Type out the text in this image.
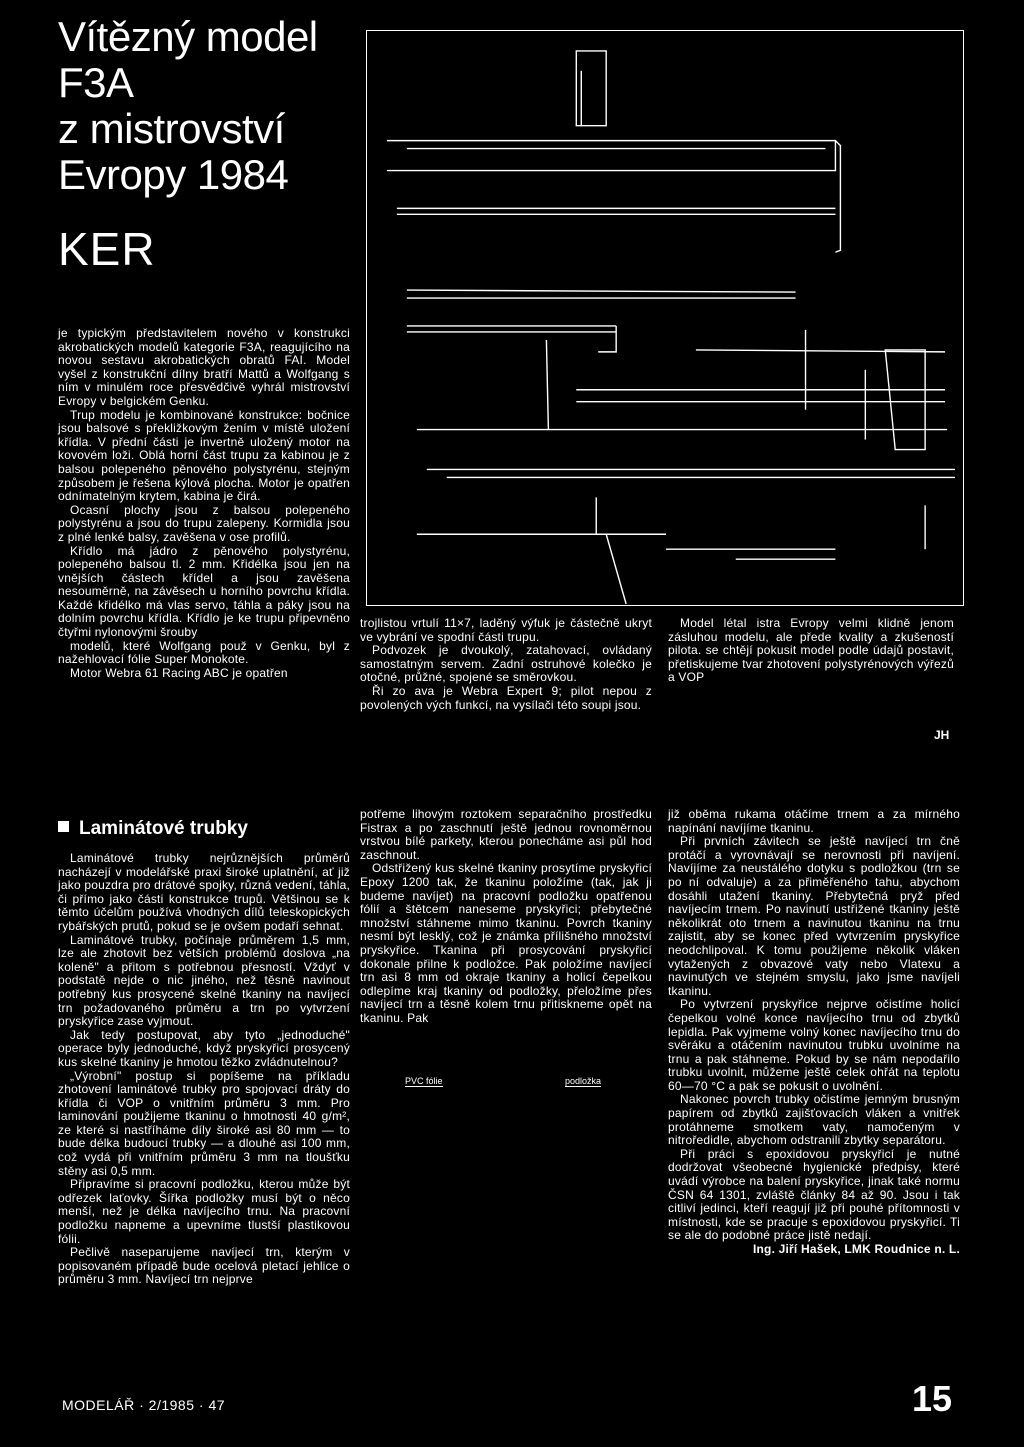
Vítězný model
F3A
z mistrovství
Evropy 1984
KER

je typickým představitelem nového v konstrukci akrobatických modelů kategorie F3A, reagujícího na novou sestavu akrobatických obratů FAI. Model vyšel z konstrukční dílny bratří Mattů a Wolfgang s ním v minulém roce přesvědčivě vyhrál mistrovství Evropy v belgickém Genku.

Trup modelu je kombinované konstrukce: bočnice jsou balsové s překližkovým žením v místě uložení křídla. V přední části je invertně uložený motor na kovovém loži. Oblá horní část trupu za kabinou je z balsou polepeného pěnového polystyrénu, stejným způsobem je řešena kýlová plocha. Motor je opatřen odnímatelným krytem, kabina je čirá.

Ocasní plochy jsou z balsou polepeného polystyrénu a jsou do trupu zalepeny. Kormidla jsou z plné lenké balsy, zavěšena v ose profilů.

Křídlo má jádro z pěnového polystyrénu, polepeného balsou tl. 2 mm. Křidélka jsou jen na vnějších částech křídel a jsou zavěšena nesouměrně, na závěsech u horního povrchu křídla. Každé křidélko má vlas servo, táhla a páky jsou na dolním povrchu křídla. Křídlo je ke trupu připevněno čtyřmi nylonovými šrouby

modelů, které Wolfgang použ v Genku, byl z nažehlovací fólie Super Monokote.

Motor Webra 61 Racing ABC je opatřen

trojlistou vrtulí 11×7, laděný výfuk je částečně ukryt ve vybrání ve spodní části trupu.

Podvozek je dvoukolý, zatahovací, ovládaný samostatným servem. Zadní ostruhové kolečko je otočné, průžné, spojené se směrovkou.

Ři zo ava je Webra Expert 9; pilot nepou z povolených vých funkcí, na vysílači této soupi jsou.

Model létal istra Evropy velmi klidně jenom zásluhou modelu, ale přede kvality a zkušeností pilota. se chtějí pokusit model podle údajů postavit, přetiskujeme tvar zhotovení polystyrénových výřezů a VOP

JH
Laminátové trubky

Laminátové trubky nejrůznějších průměrů nacházejí v modelářské praxi široké uplatnění, ať již jako pouzdra pro drátové spojky, různá vedení, táhla, či přímo jako části konstrukce trupů. Většinou se k těmto účelům používá vhodných dílů teleskopických rybářských prutů, pokud se je ovšem podaří sehnat.

Laminátové trubky, počínaje průměrem 1,5 mm, lze ale zhotovit bez větších problémů doslova „na koleně" a přitom s potřebnou přesností. Vždyť v podstatě nejde o nic jiného, než těsně navinout potřebný kus prosycené skelné tkaniny na navíjecí trn požadovaného průměru a trn po vytvrzení pryskyřice zase vyjmout.

Jak tedy postupovat, aby tyto „jednoduché" operace byly jednoduché, když pryskyřicí prosycený kus skelné tkaniny je hmotou těžko zvládnutelnou?

„Výrobní" postup si popíšeme na příkladu zhotovení laminátové trubky pro spojovací dráty do křídla či VOP o vnitřním průměru 3 mm. Pro laminování použijeme tkaninu o hmotnosti 40 g/m², ze které si nastříháme díly široké asi 80 mm — to bude délka budoucí trubky — a dlouhé asi 100 mm, což vydá při vnitřním průměru 3 mm na tloušťku stěny asi 0,5 mm.

Připravíme si pracovní podložku, kterou může být odřezek laťovky. Šířka podložky musí být o něco menší, než je délka navíjecího trnu. Na pracovní podložku napneme a upevníme tlustší plastikovou fólii.

Pečlivě naseparujeme navíjecí trn, kterým v popisovaném případě bude ocelová pletací jehlice o průměru 3 mm. Navíjecí trn nejprve

potřeme lihovým roztokem separačního prostředku Fistrax a po zaschnutí ještě jednou rovnoměrnou vrstvou bílé parkety, kterou ponecháme asi půl hod zaschnout.

Odstřižený kus skelné tkaniny prosytíme pryskyřicí Epoxy 1200 tak, že tkaninu položíme (tak, jak ji budeme navíjet) na pracovní podložku opatřenou fólií a štětcem naneseme pryskyřici; přebytečné množství stáhneme mimo tkaninu. Povrch tkaniny nesmí být lesklý, což je známka přílišného množství pryskyřice. Tkanina při prosycování pryskyřicí dokonale přilne k podložce. Pak položíme navíjecí trn asi 8 mm od okraje tkaniny a holicí čepelkou odlepíme kraj tkaniny od podložky, přeložíme přes navíjecí trn a těsně kolem trnu přitiskneme opět na tkaninu. Pak

PVC fólie	podložka

již oběma rukama otáčíme trnem a za mírného napínání navíjíme tkaninu.

Při prvních závitech se ještě navíjecí trn čně protáčí a vyrovnávají se nerovnosti při navíjení. Navíjíme za neustálého dotyku s podložkou (trn se po ní odvaluje) a za přiměřeného tahu, abychom dosáhli utažení tkaniny. Přebytečná pryž před navíjecím trnem. Po navinutí ustřižené tkaniny ještě několikrát oto trnem a navinutou tkaninu na trnu zajistit, aby se konec před vytvrzením pryskyřice neodchlipoval. K tomu použijeme několik vláken vytažených z obvazové vaty nebo Vlatexu a navinutých ve stejném smyslu, jako jsme navíjeli tkaninu.

Po vytvrzení pryskyřice nejprve očistíme holicí čepelkou volné konce navíjecího trnu od zbytků lepidla. Pak vyjmeme volný konec navíjecího trnu do svěráku a otáčením navinutou trubku uvolníme na trnu a pak stáhneme. Pokud by se nám nepodařilo trubku uvolnit, můžeme ještě celek ohřát na teplotu 60—70 °C a pak se pokusit o uvolnění.

Nakonec povrch trubky očistíme jemným brusným papírem od zbytků zajišťovacích vláken a vnitřek protáhneme smotkem vaty, namočeným v nitroředidle, abychom odstranili zbytky separátoru.

Při práci s epoxidovou pryskyřicí je nutné dodržovat všeobecné hygienické předpisy, které uvádí výrobce na balení pryskyřice, jinak také normu ČSN 64 1301, zvláště články 84 až 90. Jsou i tak citliví jedinci, kteří reagují již při pouhé přítomnosti v místnosti, kde se pracuje s epoxidovou pryskyřicí. Ti se ale do podobné práce jistě nedají.

Ing. Jiří Hašek, LMK Roudnice n. L.

MODELÁŘ · 2/1985 · 47	15
